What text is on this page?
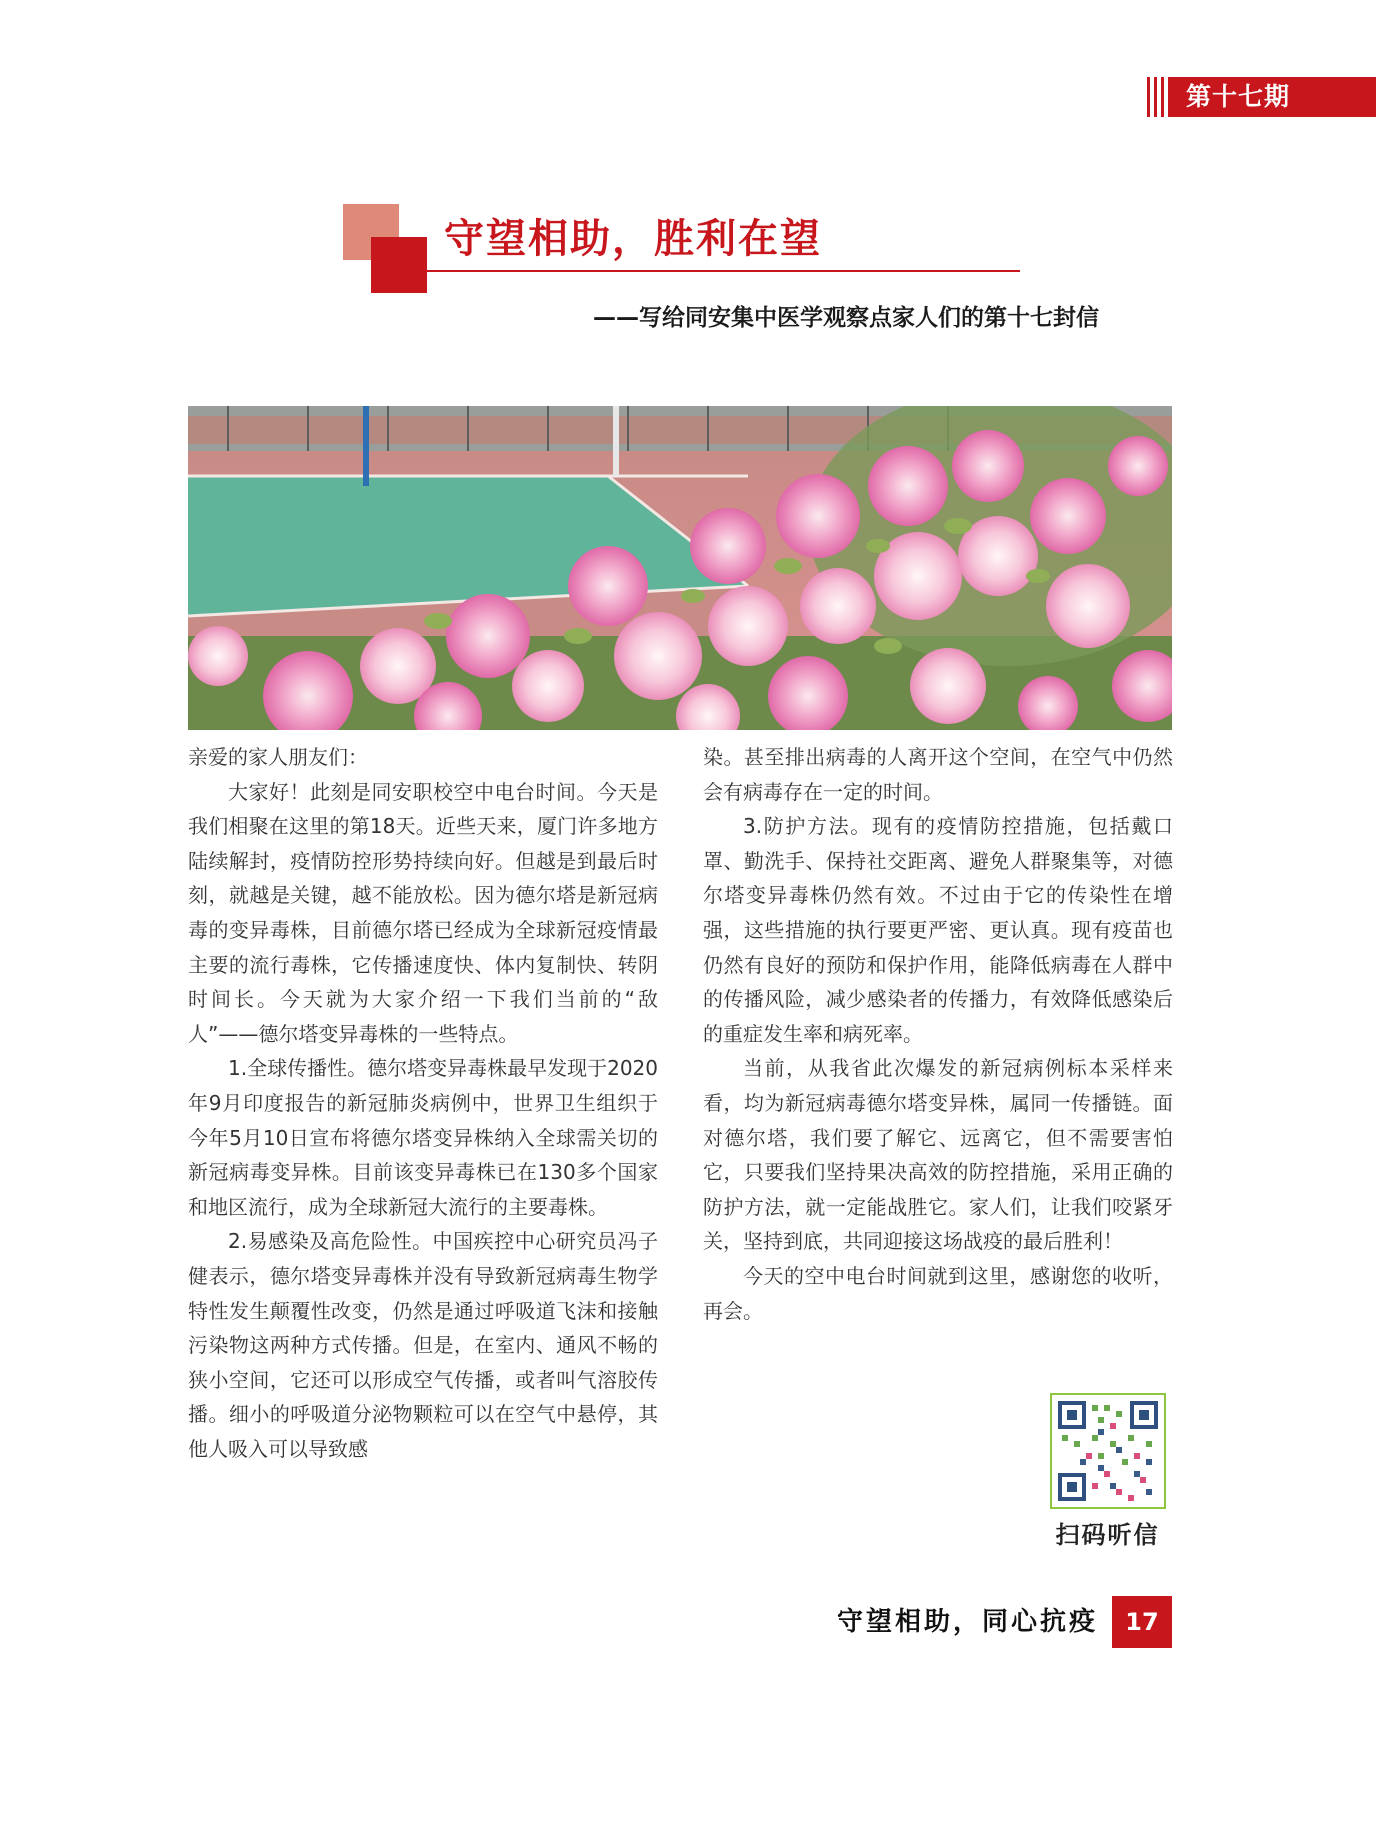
第十七期
守望相助，胜利在望
——写给同安集中医学观察点家人们的第十七封信

亲爱的家人朋友们：

大家好！此刻是同安职校空中电台时间。今天是我们相聚在这里的第18天。近些天来，厦门许多地方陆续解封，疫情防控形势持续向好。但越是到最后时刻，就越是关键，越不能放松。因为德尔塔是新冠病毒的变异毒株，目前德尔塔已经成为全球新冠疫情最主要的流行毒株，它传播速度快、体内复制快、转阴时间长。今天就为大家介绍一下我们当前的“敌人”——德尔塔变异毒株的一些特点。

1.全球传播性。德尔塔变异毒株最早发现于2020年9月印度报告的新冠肺炎病例中，世界卫生组织于今年5月10日宣布将德尔塔变异株纳入全球需关切的新冠病毒变异株。目前该变异毒株已在130多个国家和地区流行，成为全球新冠大流行的主要毒株。

2.易感染及高危险性。中国疾控中心研究员冯子健表示，德尔塔变异毒株并没有导致新冠病毒生物学特性发生颠覆性改变，仍然是通过呼吸道飞沫和接触污染物这两种方式传播。但是，在室内、通风不畅的狭小空间，它还可以形成空气传播，或者叫气溶胶传播。细小的呼吸道分泌物颗粒可以在空气中悬停，其他人吸入可以导致感

染。甚至排出病毒的人离开这个空间，在空气中仍然会有病毒存在一定的时间。

3.防护方法。现有的疫情防控措施，包括戴口罩、勤洗手、保持社交距离、避免人群聚集等，对德尔塔变异毒株仍然有效。不过由于它的传染性在增强，这些措施的执行要更严密、更认真。现有疫苗也仍然有良好的预防和保护作用，能降低病毒在人群中的传播风险，减少感染者的传播力，有效降低感染后的重症发生率和病死率。

当前，从我省此次爆发的新冠病例标本采样来看，均为新冠病毒德尔塔变异株，属同一传播链。面对德尔塔，我们要了解它、远离它，但不需要害怕它，只要我们坚持果决高效的防控措施，采用正确的防护方法，就一定能战胜它。家人们，让我们咬紧牙关，坚持到底，共同迎接这场战疫的最后胜利！

今天的空中电台时间就到这里，感谢您的收听，再会。

扫码听信
守望相助，同心抗疫	17
